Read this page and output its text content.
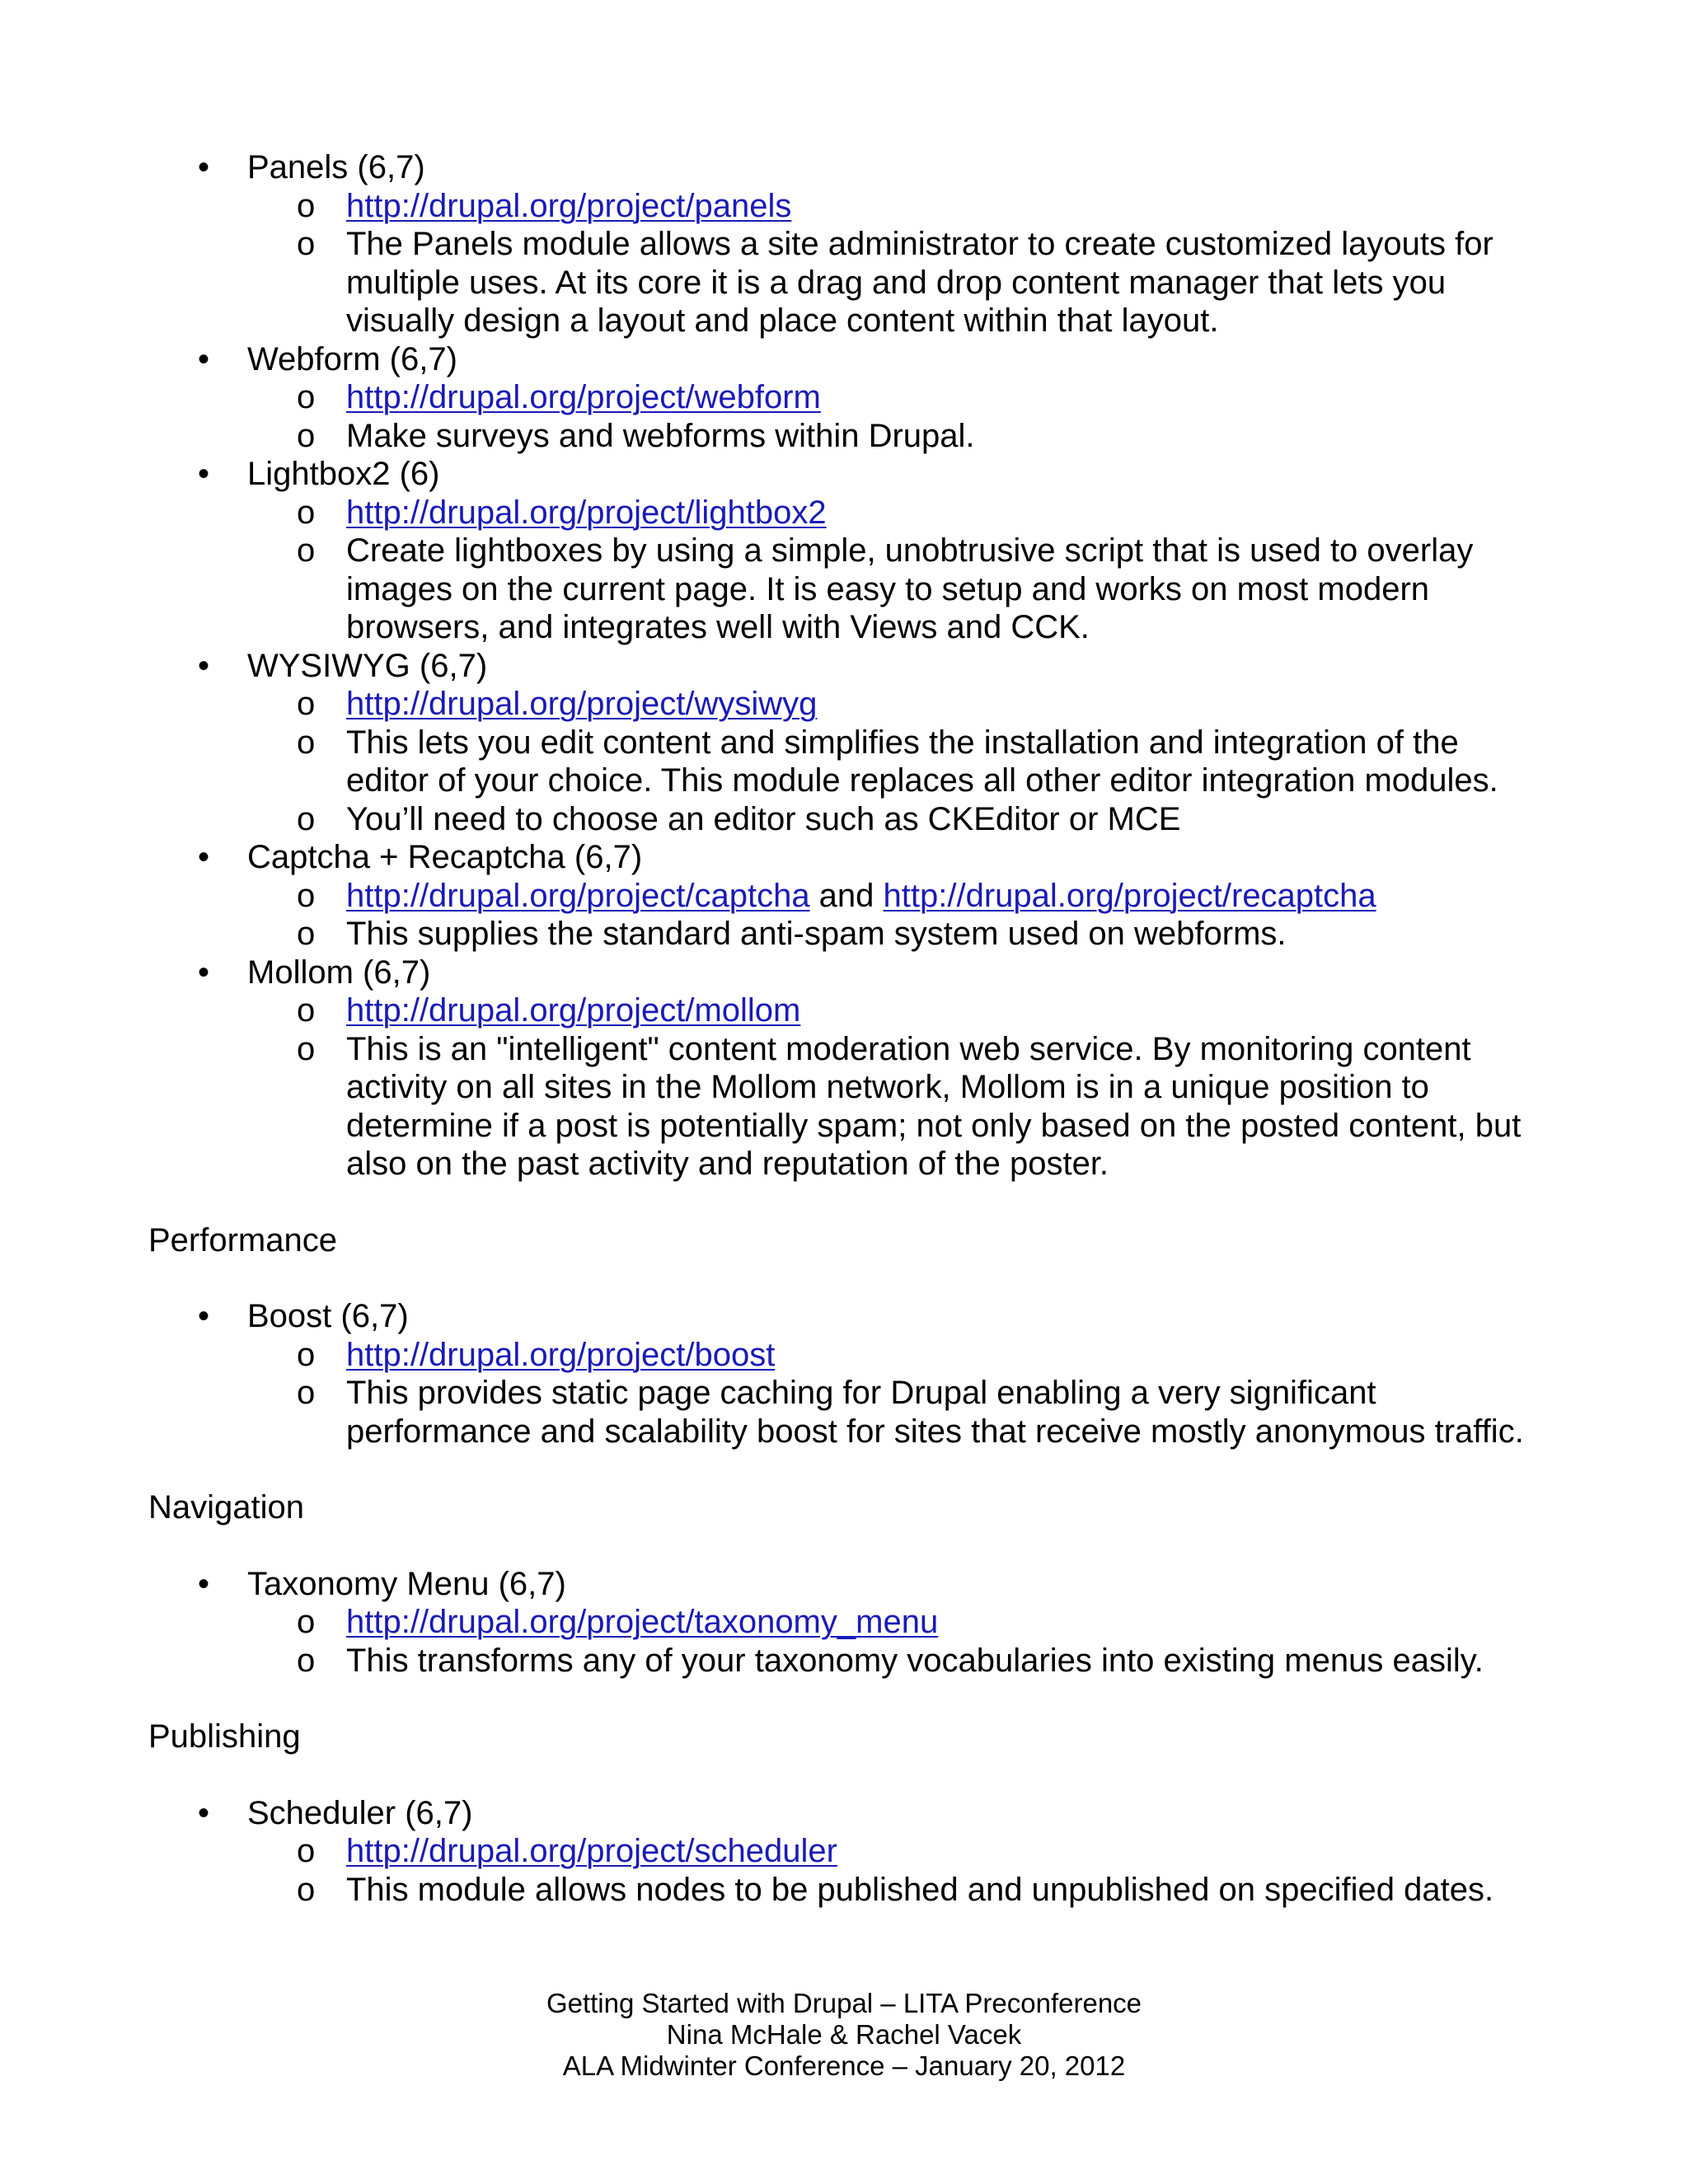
•	Panels (6,7)
o http://drupal.org/project/panels
o The Panels module allows a site administrator to create customized layouts for multiple uses. At its core it is a drag and drop content manager that lets you visually design a layout and place content within that layout.
•	Webform (6,7)
o http://drupal.org/project/webform
o Make surveys and webforms within Drupal.
•	Lightbox2 (6)
o http://drupal.org/project/lightbox2
o Create lightboxes by using a simple, unobtrusive script that is used to overlay images on the current page. It is easy to setup and works on most modern browsers, and integrates well with Views and CCK.
•	WYSIWYG (6,7)
o http://drupal.org/project/wysiwyg
o This lets you edit content and simplifies the installation and integration of the editor of your choice. This module replaces all other editor integration modules.
o You’ll need to choose an editor such as CKEditor or MCE
•	Captcha + Recaptcha (6,7)
o http://drupal.org/project/captcha and http://drupal.org/project/recaptcha
o This supplies the standard anti-spam system used on webforms.
•	Mollom (6,7)
o http://drupal.org/project/mollom
o This is an "intelligent" content moderation web service. By monitoring content activity on all sites in the Mollom network, Mollom is in a unique position to determine if a post is potentially spam; not only based on the posted content, but also on the past activity and reputation of the poster.

Performance

•	Boost (6,7)
o http://drupal.org/project/boost
o This provides static page caching for Drupal enabling a very significant performance and scalability boost for sites that receive mostly anonymous traffic.

Navigation

•	Taxonomy Menu (6,7)
o http://drupal.org/project/taxonomy_menu
o This transforms any of your taxonomy vocabularies into existing menus easily.

Publishing

•	Scheduler (6,7)
o http://drupal.org/project/scheduler
o This module allows nodes to be published and unpublished on specified dates.
Getting Started with Drupal – LITA Preconference
Nina McHale & Rachel Vacek
ALA Midwinter Conference – January 20, 2012
